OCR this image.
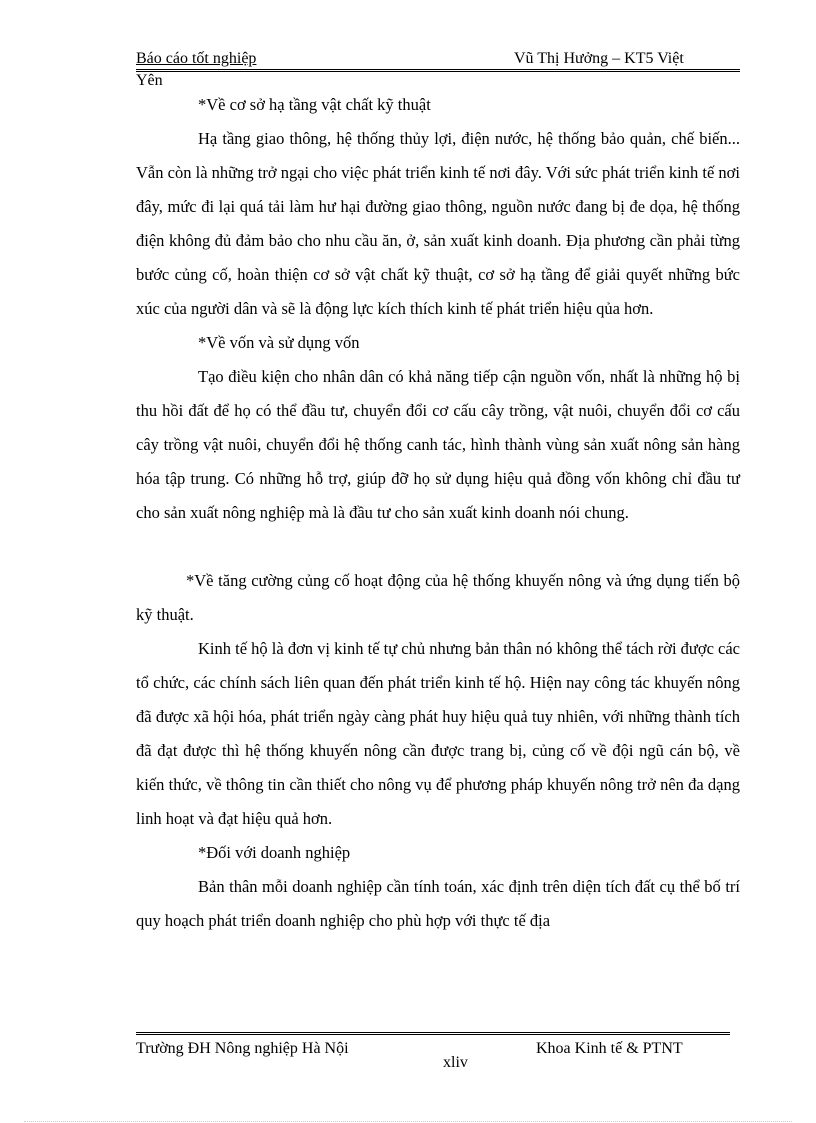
Báo cáo tốt nghiệp	Vũ Thị Hưởng – KT5 Việt
Yên

*Về cơ sở hạ tầng vật chất kỹ thuật

Hạ tầng giao thông, hệ thống thủy lợi, điện nước, hệ thống bảo quản, chế biến... Vẫn còn là những trở ngại cho việc phát triển kinh tế nơi đây. Với sức phát triển kinh tế nơi đây, mức đi lại quá tải làm hư hại đường giao thông, nguồn nước đang bị đe dọa, hệ thống điện không đủ đảm bảo cho nhu cầu ăn, ở, sản xuất kinh doanh. Địa phương cần phải từng bước củng cố, hoàn thiện cơ sở vật chất kỹ thuật, cơ sở hạ tầng để giải quyết những bức xúc của người dân và sẽ là động lực kích thích kinh tế phát triển hiệu qủa hơn.

*Về vốn và sử dụng vốn

Tạo điều kiện cho nhân dân có khả năng tiếp cận nguồn vốn, nhất là những hộ bị thu hồi đất để họ có thể đầu tư, chuyển đổi cơ cấu cây trồng, vật nuôi, chuyển đổi cơ cấu cây trồng vật nuôi, chuyển đổi hệ thống canh tác, hình thành vùng sản xuất nông sản hàng hóa tập trung. Có những hỗ trợ, giúp đỡ họ sử dụng hiệu quả đồng vốn không chỉ đầu tư cho sản xuất nông nghiệp mà là đầu tư cho sản xuất kinh doanh nói chung.

*Về tăng cường củng cố hoạt động của hệ thống khuyến nông và ứng dụng tiến bộ kỹ thuật.

Kinh tế hộ là đơn vị kinh tế tự chủ nhưng bản thân nó không thể tách rời được các tổ chức, các chính sách liên quan đến phát triển kinh tế hộ. Hiện nay công tác khuyến nông đã được xã hội hóa, phát triển ngày càng phát huy hiệu quả tuy nhiên, với những thành tích đã đạt được thì hệ thống khuyến nông cần được trang bị, củng cố về đội ngũ cán bộ, về kiến thức, về thông tin cần thiết cho nông vụ để phương pháp khuyến nông trở nên đa dạng linh hoạt và đạt hiệu quả hơn.

*Đối với doanh nghiệp

Bản thân mỗi doanh nghiệp cần tính toán, xác định trên diện tích đất cụ thể bố trí quy hoạch phát triển doanh nghiệp cho phù hợp với thực tế địa

Trường ĐH Nông nghiệp Hà Nội	Khoa Kinh tế & PTNT
xliv
